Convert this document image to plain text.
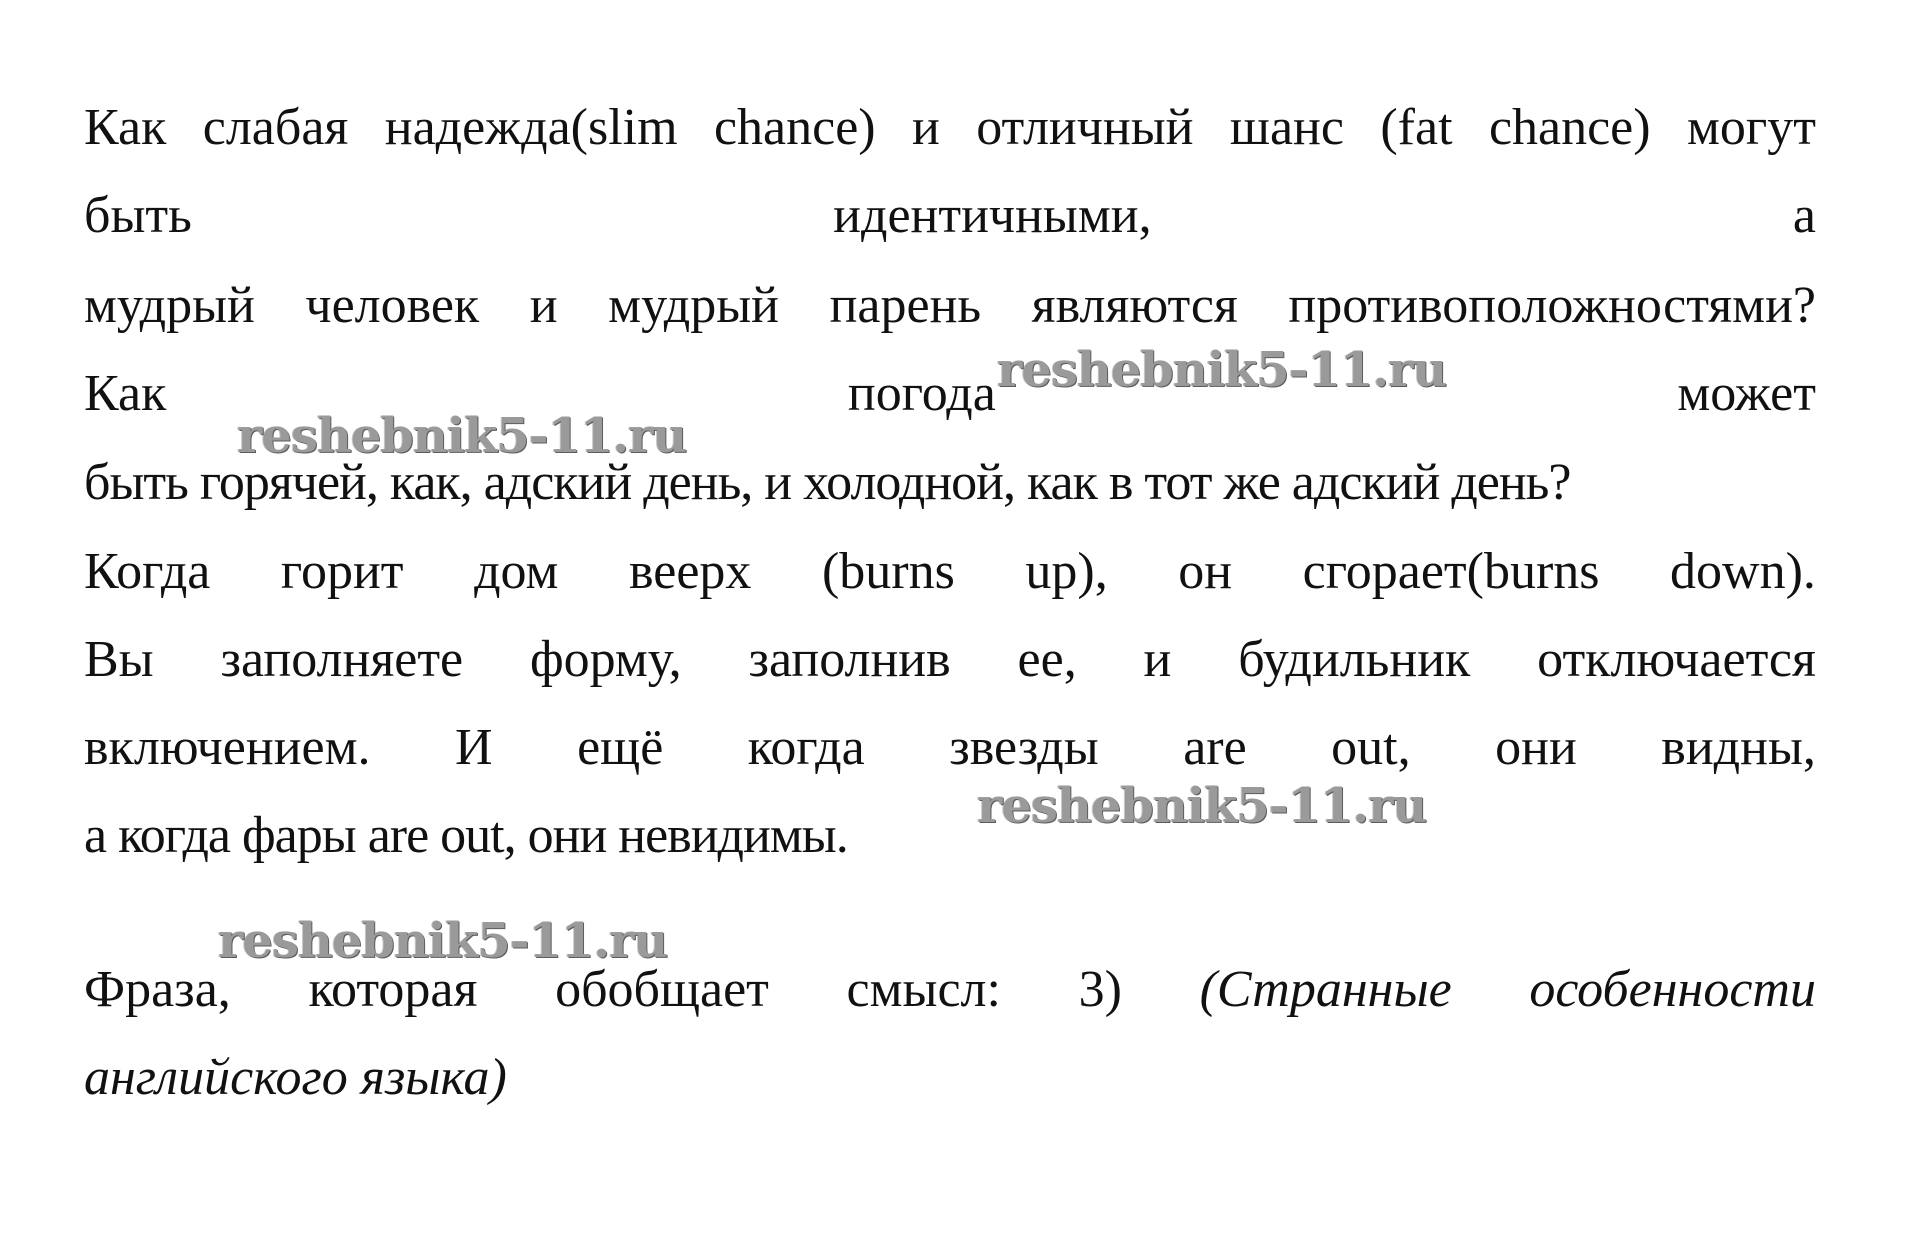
Как слабая надежда(slim chance) и отличный шанс (fat chance) могут
быть	идентичными,	а
мудрый человек и мудрый парень являются противоположностями?
Как	погода	может
быть горячей, как, адский день, и холодной, как в тот же адский день?
Когда горит дом веерх (burns up), он сгорает(burns down).
Вы заполняете форму, заполнив ее, и будильник отключается
включением. И ещё когда звезды are out, они видны,
а когда фары are out, они невидимы.
Фраза, которая обобщает смысл: 3) (Странные особенности
английского языка)
reshebnik5-11.ru
reshebnik5-11.ru
reshebnik5-11.ru
reshebnik5-11.ru
